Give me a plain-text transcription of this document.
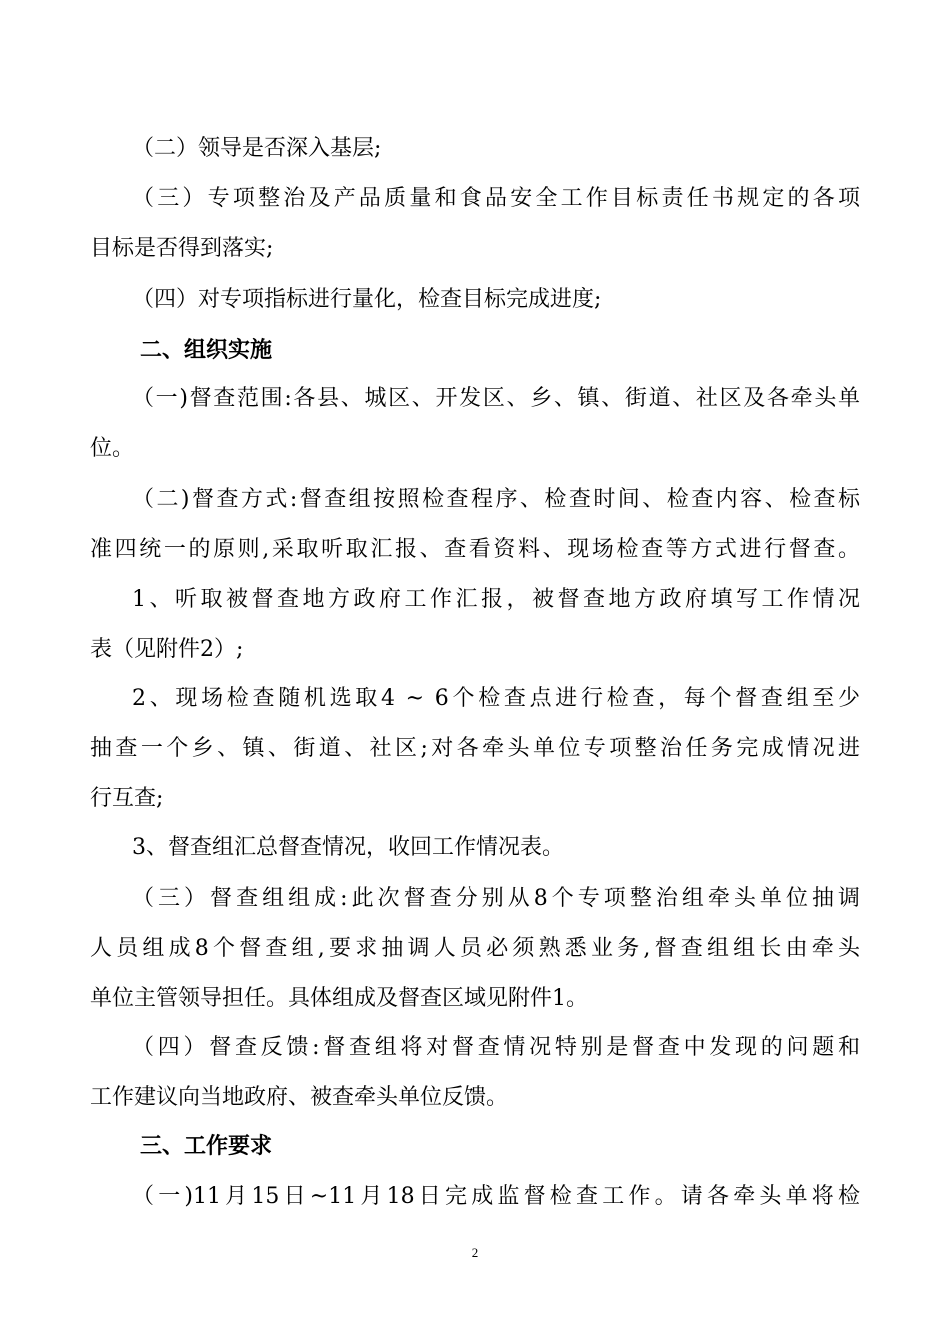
（二）领导是否深入基层;
（三）专项整治及产品质量和食品安全工作目标责任书规定的各项
目标是否得到落实;
（四）对专项指标进行量化，检查目标完成进度;
二、组织实施
（一)督查范围:各县、城区、开发区、乡、镇、街道、社区及各牵头单
位。
（二)督查方式:督查组按照检查程序、检查时间、检查内容、检查标
准四统一的原则,采取听取汇报、查看资料、现场检查等方式进行督查。
1、听取被督查地方政府工作汇报，被督查地方政府填写工作情况
表（见附件2）;
2、现场检查随机选取4 ~ 6个检查点进行检查，每个督查组至少
抽查一个乡、镇、街道、社区;对各牵头单位专项整治任务完成情况进
行互查;
3、督查组汇总督查情况，收回工作情况表。
（三）督查组组成:此次督查分别从8个专项整治组牵头单位抽调
人员组成8个督查组,要求抽调人员必须熟悉业务,督查组组长由牵头
单位主管领导担任。具体组成及督查区域见附件1。
（四）督查反馈:督查组将对督查情况特别是督查中发现的问题和
工作建议向当地政府、被查牵头单位反馈。
三、工作要求
（一)11月15日~11月18日完成监督检查工作。请各牵头单将检
2
